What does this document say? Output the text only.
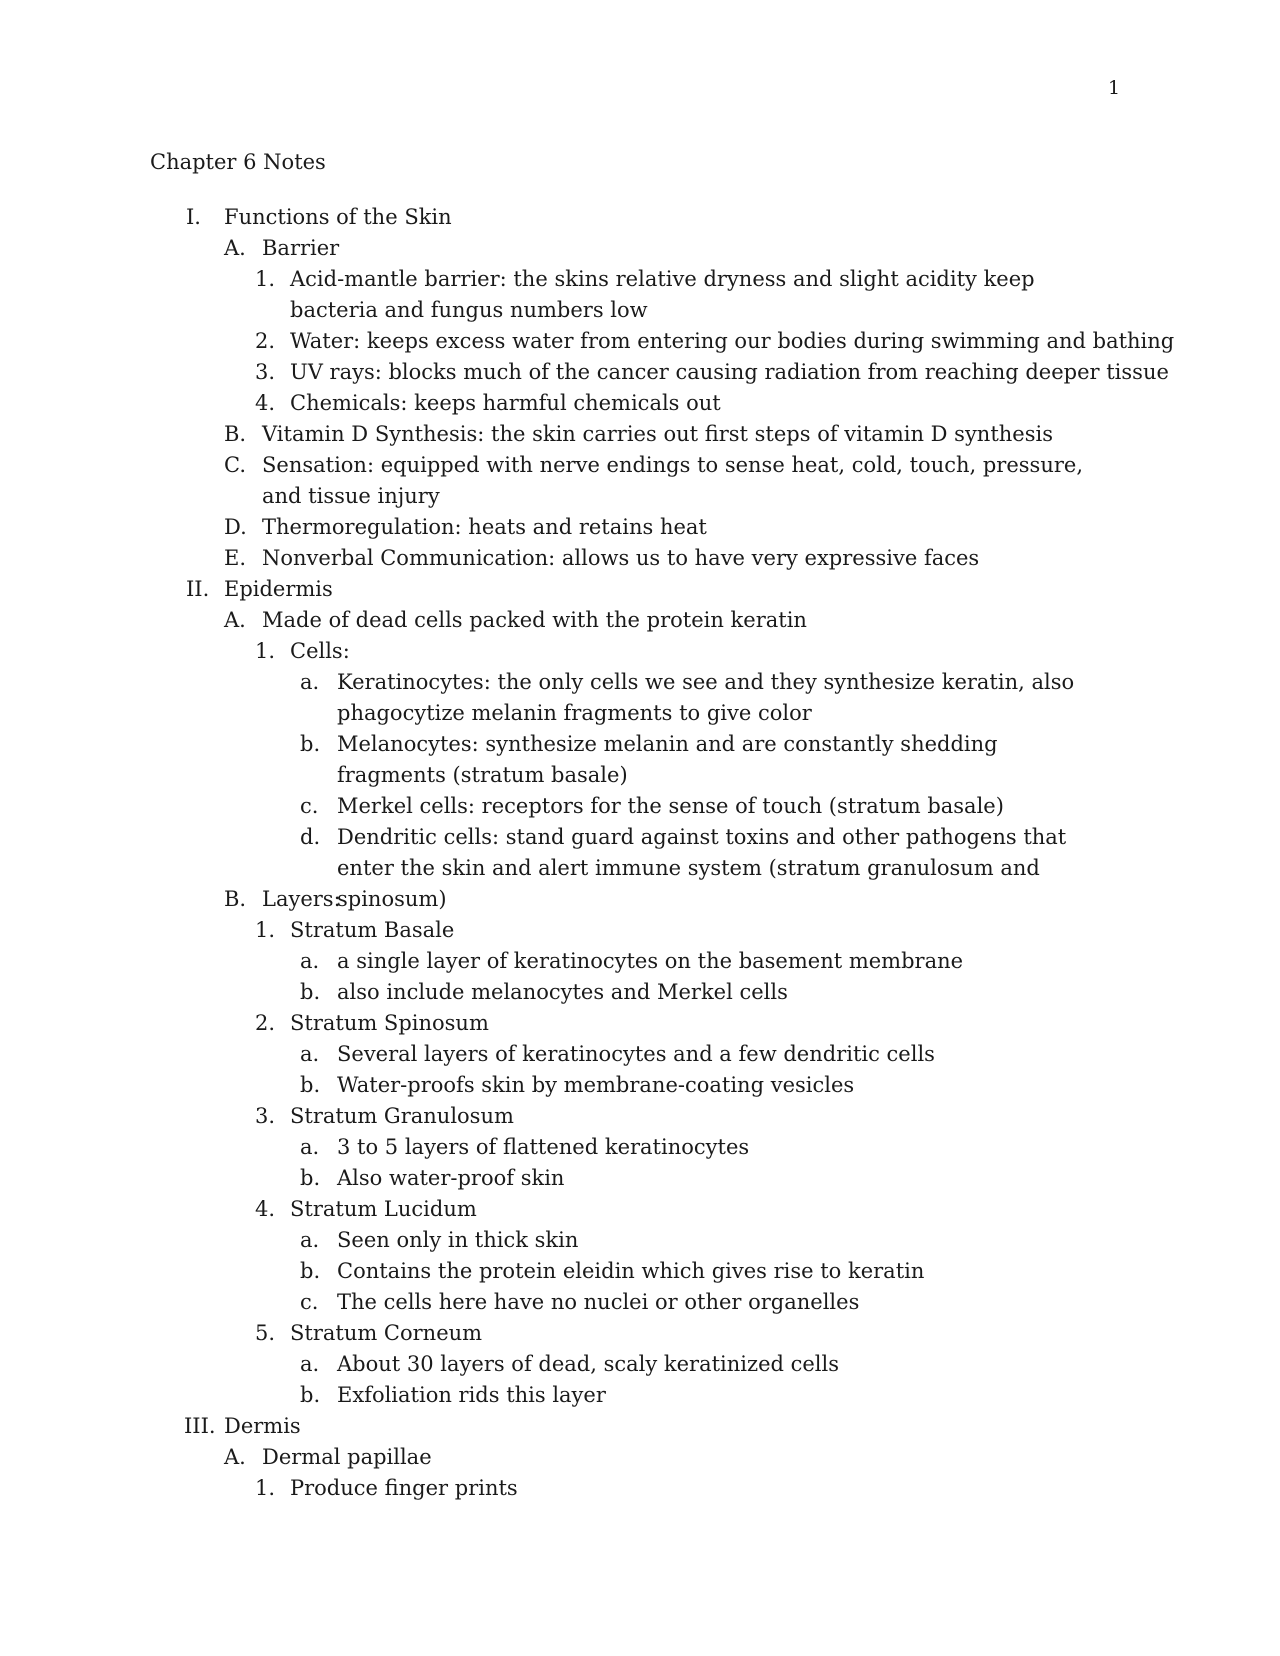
1
Chapter 6 Notes
I. Functions of the Skin
A. Barrier
1. Acid-mantle barrier: the skins relative dryness and slight acidity keep bacteria and fungus numbers low
2. Water: keeps excess water from entering our bodies during swimming and bathing
3. UV rays: blocks much of the cancer causing radiation from reaching deeper tissue
4. Chemicals: keeps harmful chemicals out
B. Vitamin D Synthesis: the skin carries out first steps of vitamin D synthesis
C. Sensation: equipped with nerve endings to sense heat, cold, touch, pressure, and tissue injury
D. Thermoregulation: heats and retains heat
E. Nonverbal Communication: allows us to have very expressive faces
II. Epidermis
A. Made of dead cells packed with the protein keratin
1. Cells:
a. Keratinocytes: the only cells we see and they synthesize keratin, also phagocytize melanin fragments to give color
b. Melanocytes: synthesize melanin and are constantly shedding fragments (stratum basale)
c. Merkel cells: receptors for the sense of touch (stratum basale)
d. Dendritic cells: stand guard against toxins and other pathogens that enter the skin and alert immune system (stratum granulosum and spinosum)
B. Layers:
1. Stratum Basale
a. a single layer of keratinocytes on the basement membrane
b. also include melanocytes and Merkel cells
2. Stratum Spinosum
a. Several layers of keratinocytes and a few dendritic cells
b. Water-proofs skin by membrane-coating vesicles
3. Stratum Granulosum
a. 3 to 5 layers of flattened keratinocytes
b. Also water-proof skin
4. Stratum Lucidum
a. Seen only in thick skin
b. Contains the protein eleidin which gives rise to keratin
c. The cells here have no nuclei or other organelles
5. Stratum Corneum
a. About 30 layers of dead, scaly keratinized cells
b. Exfoliation rids this layer
III. Dermis
A. Dermal papillae
1. Produce finger prints
